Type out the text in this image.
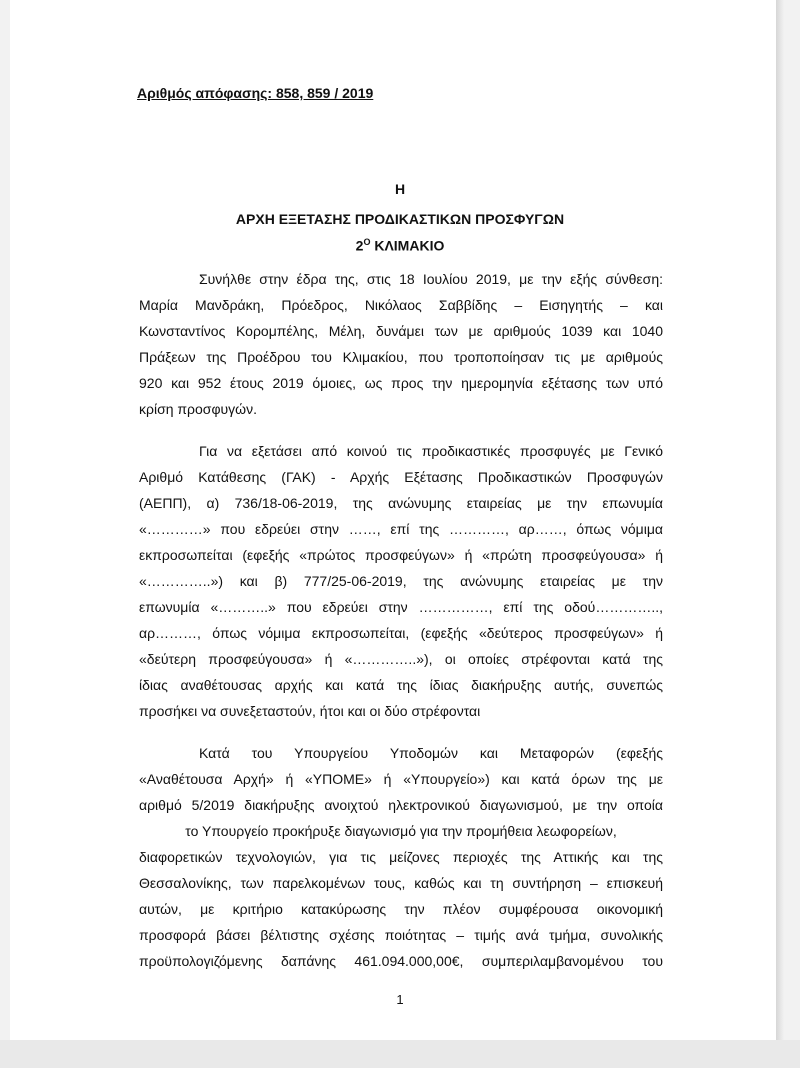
Αριθμός απόφασης: 858, 859 / 2019
Η
ΑΡΧΗ ΕΞΕΤΑΣΗΣ ΠΡΟΔΙΚΑΣΤΙΚΩΝ ΠΡΟΣΦΥΓΩΝ
$2^O$ ΚΛΙΜΑΚΙΟ
Συνήλθε στην έδρα της, στις 18 Ιουλίου 2019, με την εξής σύνθεση:
Μαρία Μανδράκη, Πρόεδρος, Νικόλαος Σαββίδης – Εισηγητής – και
Κωνσταντίνος Κορομπέλης, Μέλη, δυνάμει των με αριθμούς 1039 και 1040
Πράξεων της Προέδρου του Κλιμακίου, που τροποποίησαν τις με αριθμούς
920 και 952 έτους 2019 όμοιες, ως προς την ημερομηνία εξέτασης των υπό
κρίση προσφυγών.
Για να εξετάσει από κοινού τις προδικαστικές προσφυγές με Γενικό
Αριθμό Κατάθεσης (ΓΑΚ) - Αρχής Εξέτασης Προδικαστικών Προσφυγών
(ΑΕΠΠ), α) 736/18-06-2019, της ανώνυμης εταιρείας με την επωνυμία
«…………» που εδρεύει στην ……, επί της …………, αρ……, όπως νόμιμα
εκπροσωπείται (εφεξής «πρώτος προσφεύγων» ή «πρώτη προσφεύγουσα» ή
«…………..») και β) 777/25-06-2019, της ανώνυμης εταιρείας με την
επωνυμία «………..» που εδρεύει στην ……………, επί της οδού…………..,
αρ………, όπως νόμιμα εκπροσωπείται, (εφεξής «δεύτερος προσφεύγων» ή
«δεύτερη προσφεύγουσα» ή «…………..»), οι οποίες στρέφονται κατά της
ίδιας αναθέτουσας αρχής και κατά της ίδιας διακήρυξης αυτής, συνεπώς
προσήκει να συνεξεταστούν, ήτοι και οι δύο στρέφονται
Κατά του Υπουργείου Υποδομών και Μεταφορών (εφεξής
«Αναθέτουσα Αρχή» ή «ΥΠΟΜΕ» ή «Υπουργείο») και κατά όρων της με
αριθμό 5/2019 διακήρυξης ανοιχτού ηλεκτρονικού διαγωνισμού, με την οποία
το Υπουργείο προκήρυξε διαγωνισμό για την προμήθεια λεωφορείων,
διαφορετικών τεχνολογιών, για τις μείζονες περιοχές της Αττικής και της
Θεσσαλονίκης, των παρελκομένων τους, καθώς και τη συντήρηση – επισκευή
αυτών, με κριτήριο κατακύρωσης την πλέον συμφέρουσα οικονομική
προσφορά βάσει βέλτιστης σχέσης ποιότητας – τιμής ανά τμήμα, συνολικής
προϋπολογιζόμενης δαπάνης 461.094.000,00€, συμπεριλαμβανομένου του
1
